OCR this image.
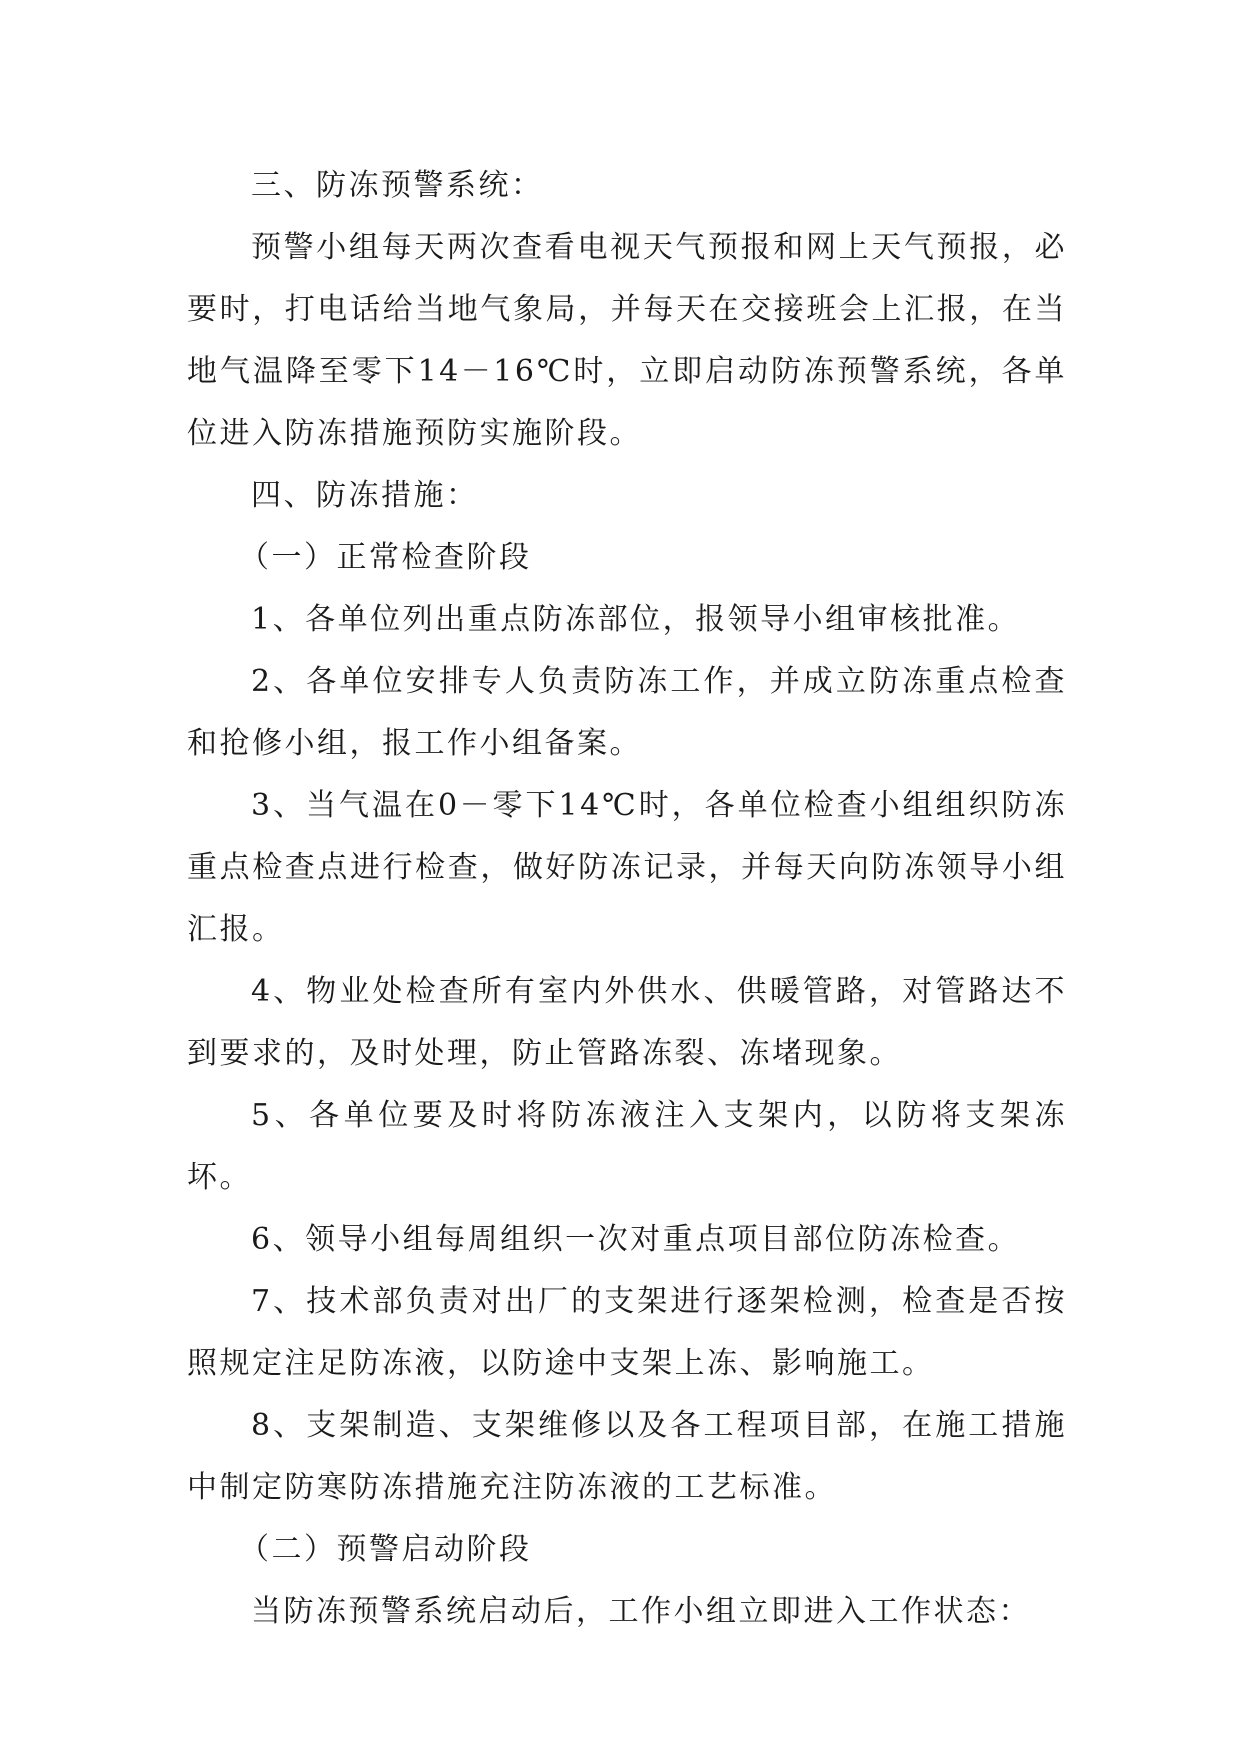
三、防冻预警系统：

预警小组每天两次查看电视天气预报和网上天气预报，必要时，打电话给当地气象局，并每天在交接班会上汇报，在当地气温降至零下14－16℃时，立即启动防冻预警系统，各单位进入防冻措施预防实施阶段。

四、防冻措施：

（一）正常检查阶段

1、各单位列出重点防冻部位，报领导小组审核批准。

2、各单位安排专人负责防冻工作，并成立防冻重点检查和抢修小组，报工作小组备案。

3、当气温在0－零下14℃时，各单位检查小组组织防冻重点检查点进行检查，做好防冻记录，并每天向防冻领导小组汇报。

4、物业处检查所有室内外供水、供暖管路，对管路达不到要求的，及时处理，防止管路冻裂、冻堵现象。

5、各单位要及时将防冻液注入支架内，以防将支架冻坏。

6、领导小组每周组织一次对重点项目部位防冻检查。

7、技术部负责对出厂的支架进行逐架检测，检查是否按照规定注足防冻液，以防途中支架上冻、影响施工。

8、支架制造、支架维修以及各工程项目部，在施工措施中制定防寒防冻措施充注防冻液的工艺标准。

（二）预警启动阶段

当防冻预警系统启动后，工作小组立即进入工作状态：
